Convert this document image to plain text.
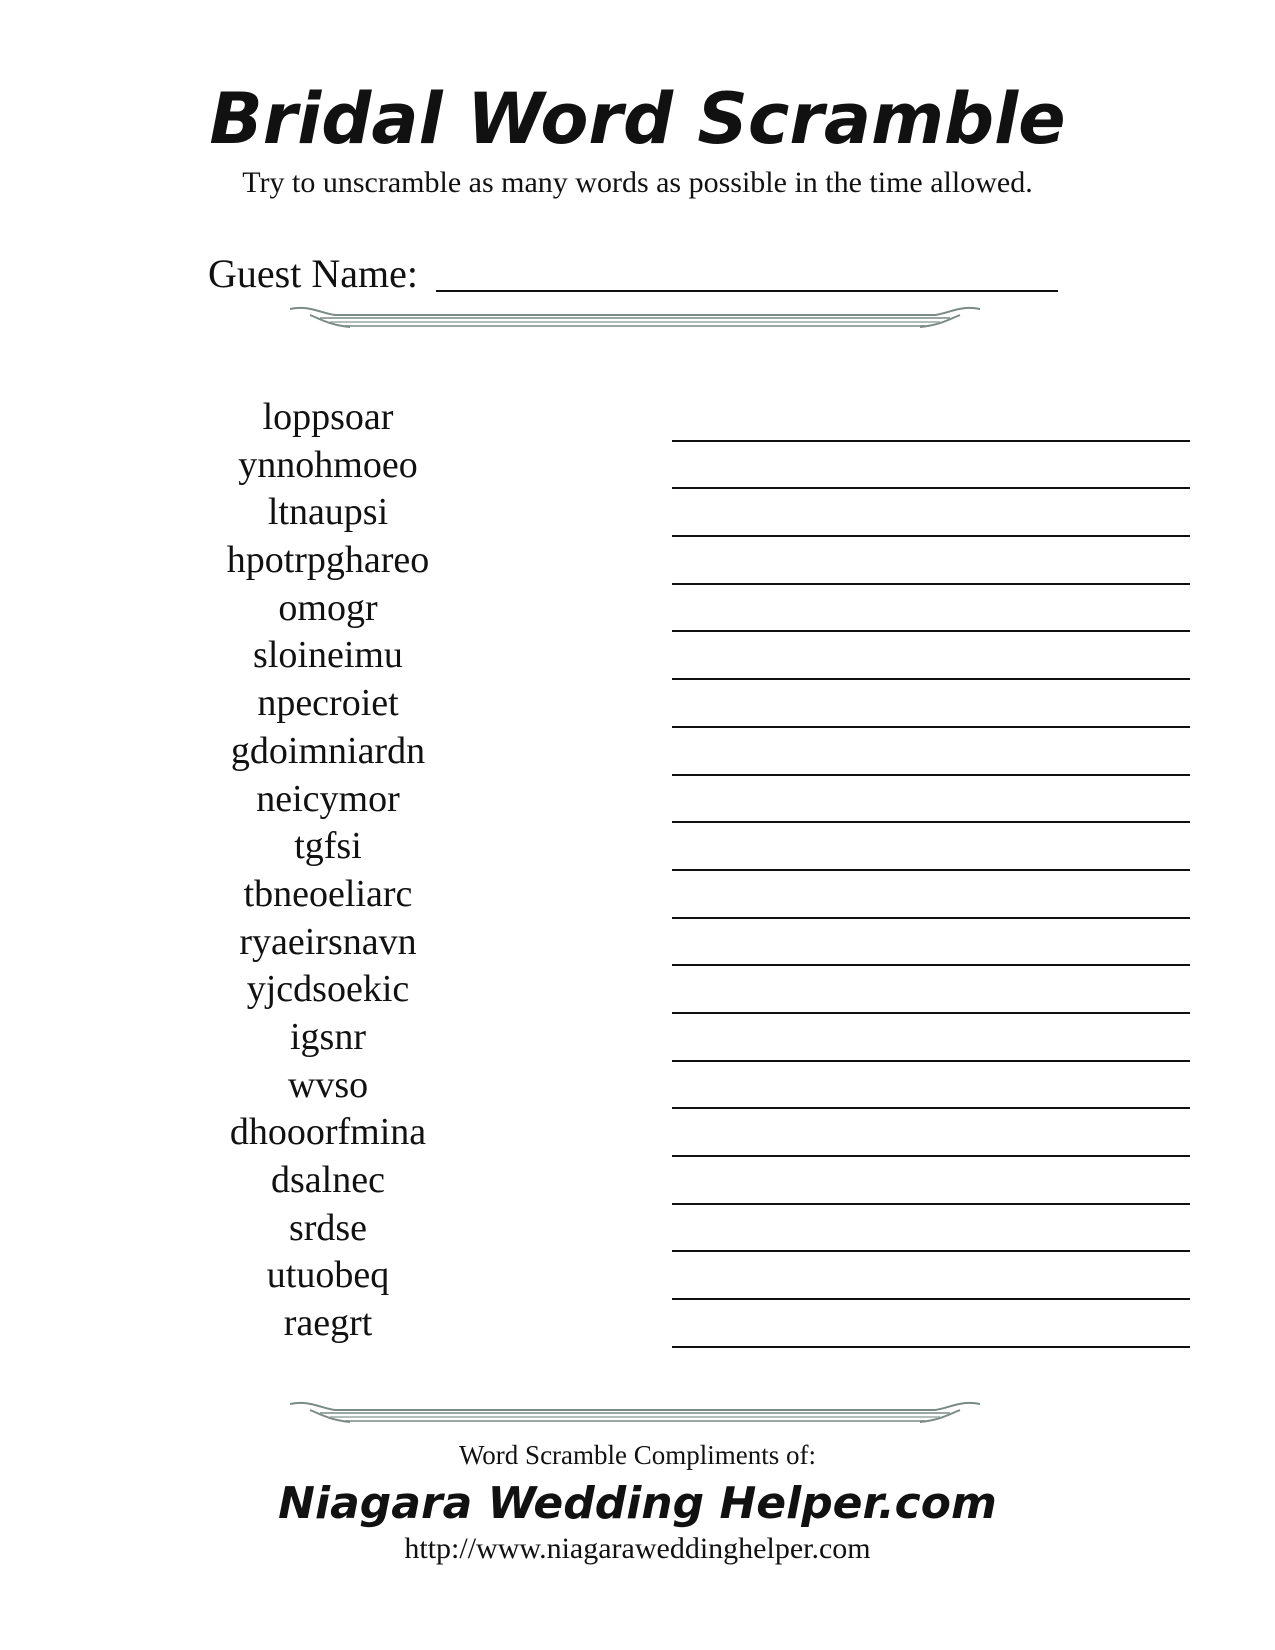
Bridal Word Scramble
Try to unscramble as many words as possible in the time allowed.
Guest Name:
loppsoar
ynnohmoeo
ltnaupsi
hpotrpghareo
omogr
sloineimu
npecroiet
gdoimniardn
neicymor
tgfsi
tbneoeliarc
ryaeirsnavn
yjcdsoekic
igsnr
wvso
dhooorfmina
dsalnec
srdse
utuobeq
raegrt
Word Scramble Compliments of:
Niagara Wedding Helper.com
http://www.niagaraweddinghelper.com
